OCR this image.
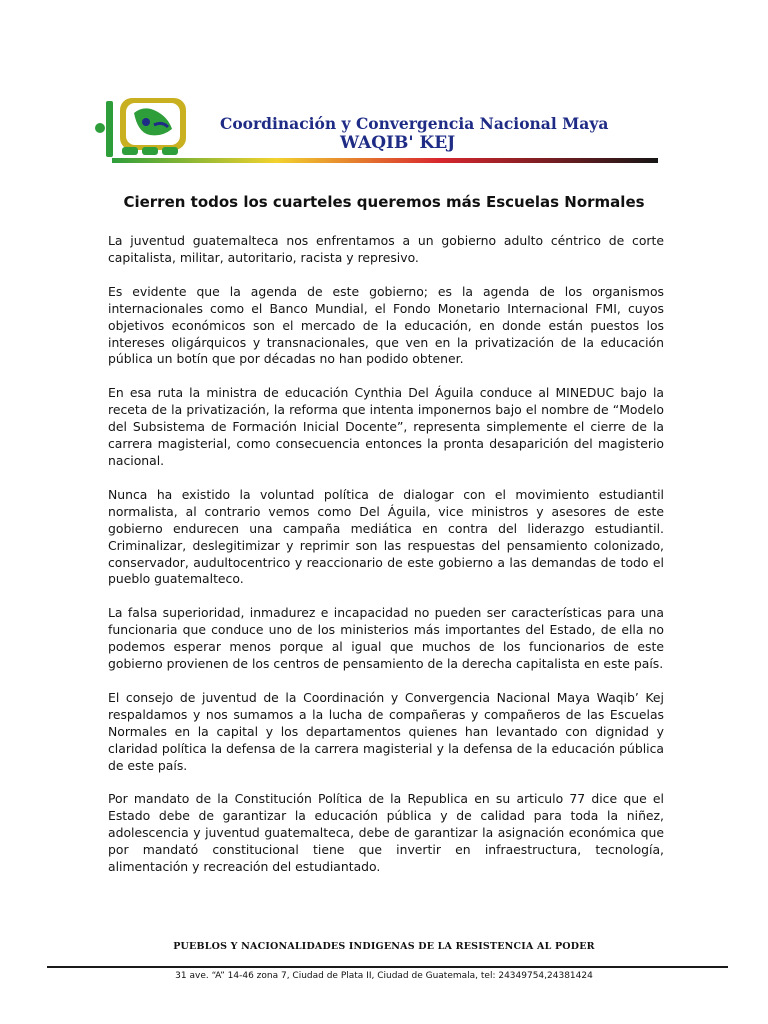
Coordinación y Convergencia Nacional Maya
WAQIB' KEJ
Cierren todos los cuarteles queremos más Escuelas Normales

La juventud guatemalteca nos enfrentamos a un gobierno adulto céntrico de corte capitalista, militar, autoritario, racista y represivo.

Es evidente que la agenda de este gobierno; es la agenda de los organismos internacionales como el Banco Mundial, el Fondo Monetario Internacional FMI, cuyos objetivos económicos son el mercado de la educación, en donde están puestos los intereses oligárquicos y transnacionales, que ven en la privatización de la educación pública un botín que por décadas no han podido obtener.

En esa ruta la ministra de educación Cynthia Del Águila conduce al MINEDUC bajo la receta de la privatización, la reforma que intenta imponernos bajo el nombre de “Modelo del Subsistema de Formación Inicial Docente”, representa simplemente el cierre de la carrera magisterial, como consecuencia entonces la pronta desaparición del magisterio nacional.

Nunca ha existido la voluntad política de dialogar con el movimiento estudiantil normalista, al contrario vemos como Del Águila, vice ministros y asesores de este gobierno endurecen una campaña mediática en contra del liderazgo estudiantil. Criminalizar, deslegitimizar y reprimir son las respuestas del pensamiento colonizado, conservador, audultocentrico y reaccionario de este gobierno a las demandas de todo el pueblo guatemalteco.

La falsa superioridad, inmadurez e incapacidad no pueden ser características para una funcionaria que conduce uno de los ministerios más importantes del Estado, de ella no podemos esperar menos porque al igual que muchos de los funcionarios de este gobierno provienen de los centros de pensamiento de la derecha capitalista en este país.

El consejo de juventud de la Coordinación y Convergencia Nacional Maya Waqib’ Kej respaldamos y nos sumamos a la lucha de compañeras y compañeros de las Escuelas Normales en la capital y los departamentos quienes han levantado con dignidad y claridad política la defensa de la carrera magisterial y la defensa de la educación pública de este país.

Por mandato de la Constitución Política de la Republica en su articulo 77 dice que el Estado debe de garantizar la educación pública y de calidad para toda la niñez, adolescencia y juventud guatemalteca, debe de garantizar la asignación económica que por mandató constitucional tiene que invertir en infraestructura, tecnología, alimentación y recreación del estudiantado.

PUEBLOS Y NACIONALIDADES INDIGENAS DE LA RESISTENCIA AL PODER
31 ave. “A” 14-46 zona 7, Ciudad de Plata II, Ciudad de Guatemala, tel: 24349754,24381424
